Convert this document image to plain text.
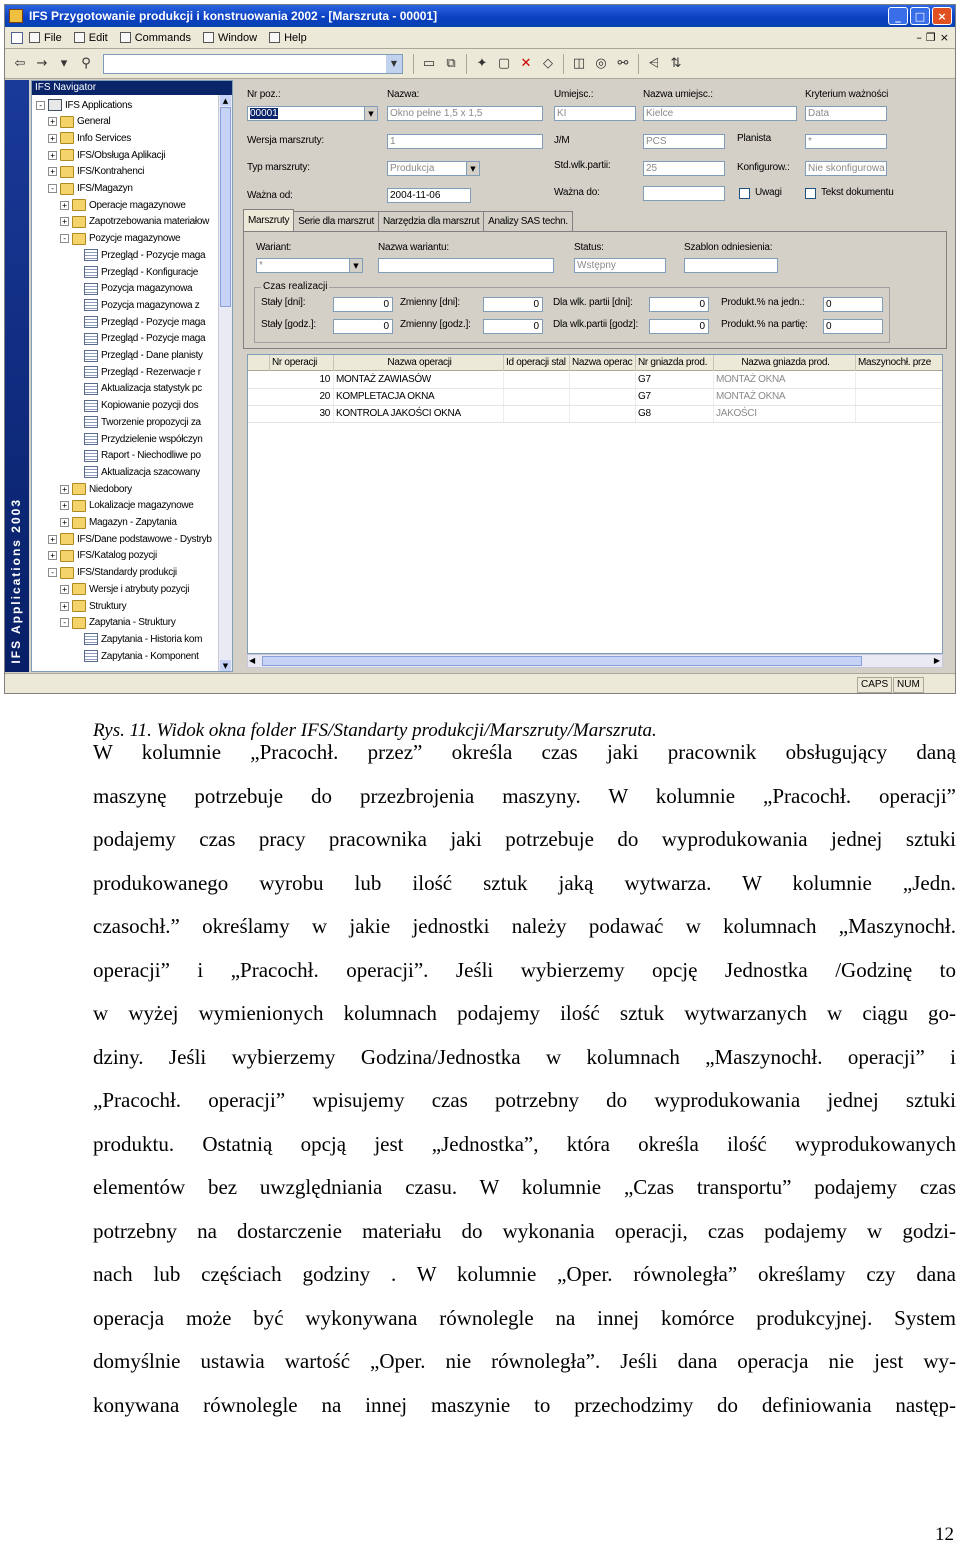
IFS Przygotowanie produkcji i konstruowania 2002 - [Marszruta - 00001]	_	□	×
File Edit Commands Window Help	– ❐ ×
⇦ →	▾	⚲
▼	▭ ⧉	✦ ▢ ✕ ◇	◫ ◎ ⚯	⩤ ⇅
IFS Applications 2003
IFS Navigator
- IFS Applications
+ General
+ Info Services
+ IFS/Obsługa Aplikacji
+ IFS/Kontrahenci
- IFS/Magazyn
+ Operacje magazynowe
+ Zapotrzebowania materiałow
- Pozycje magazynowe
Przegląd - Pozycje maga
Przegląd - Konfiguracje
Pozycja magazynowa
Pozycja magazynowa z
Przegląd - Pozycje maga
Przegląd - Pozycje maga
Przegląd - Dane planisty
Przegląd - Rezerwacje r
Aktualizacja statystyk pc
Kopiowanie pozycji dos
Tworzenie propozycji za
Przydzielenie współczyn
Raport - Niechodliwe po
Aktualizacja szacowany
+ Niedobory
+ Lokalizacje magazynowe
+ Magazyn - Zapytania
+ IFS/Dane podstawowe - Dystryb
+ IFS/Katalog pozycji
- IFS/Standardy produkcji
+ Wersje i atrybuty pozycji
+ Struktury
- Zapytania - Struktury
Zapytania - Historia kom
Zapytania - Komponent
▲
▼
Nr poz.:
00001	▼
Nazwa:
Okno pełne 1,5 x 1,5
Umiejsc.:
KI
Nazwa umiejsc.:
Kielce
Kryterium ważności
Data
Wersja marszruty:	1	J/M	PCS	Planista	*
Typ marszruty:	Produkcja	▼	Std.wlk.partii:	25	Konfigurow.:	Nie skonfigurowa
Ważna od:	2004-11-06	Ważna do:	Uwagi	Tekst dokumentu
Marszruty Serie dla marszrut Narzędzia dla marszrut Analizy SAS techn.
Wariant:
*	▼
Nazwa wariantu:	Status:
Wstępny
Szablon odniesienia:
Czas realizacji
Stały [dni]:	0	Zmienny [dni]:	0	Dla wlk. partii [dni]:	0	Produkt.% na jedn.:	0
Stały [godz.]:	0	Zmienny [godz.]:	0	Dla wlk.partii [godz]:	0	Produkt.% na partię:	0
Nr operacji	Nazwa operacji	Id operacji stal Nazwa operac Nr gniazda prod.	Nazwa gniazda prod.	Maszynochł. prze
10 MONTAŻ ZAWIASÓW	G7	MONTAŻ OKNA
20 KOMPLETACJA OKNA	G7	MONTAŻ OKNA
30 KONTROLA JAKOŚCI OKNA	G8	JAKOŚCI
◀	▶
CAPS NUM
Rys. 11. Widok okna folder IFS/Standarty produkcji/Marszruty/Marszruta.
W kolumnie „Pracochł. przez” określa czas jaki pracownik obsługujący daną
maszynę potrzebuje do przezbrojenia maszyny. W kolumnie „Pracochł. operacji”
podajemy czas pracy pracownika jaki potrzebuje do wyprodukowania jednej sztuki
produkowanego wyrobu lub ilość sztuk jaką wytwarza. W kolumnie „Jedn.
czasochł.” określamy w jakie jednostki należy podawać w kolumnach „Maszynochł.
operacji” i „Pracochł. operacji”. Jeśli wybierzemy opcję Jednostka /Godzinę to
w wyżej wymienionych kolumnach podajemy ilość sztuk wytwarzanych w ciągu go-
dziny. Jeśli wybierzemy Godzina/Jednostka w kolumnach „Maszynochł. operacji” i
„Pracochł. operacji” wpisujemy czas potrzebny do wyprodukowania jednej sztuki
produktu. Ostatnią opcją jest „Jednostka”, która określa ilość wyprodukowanych
elementów bez uwzględniania czasu. W kolumnie „Czas transportu” podajemy czas
potrzebny na dostarczenie materiału do wykonania operacji, czas podajemy w godzi-
nach lub częściach godziny . W kolumnie „Oper. równoległa” określamy czy dana
operacja może być wykonywana równolegle na innej komórce produkcyjnej. System
domyślnie ustawia wartość „Oper. nie równoległa”. Jeśli dana operacja nie jest wy-
konywana równolegle na innej maszynie to przechodzimy do definiowania następ-
12
